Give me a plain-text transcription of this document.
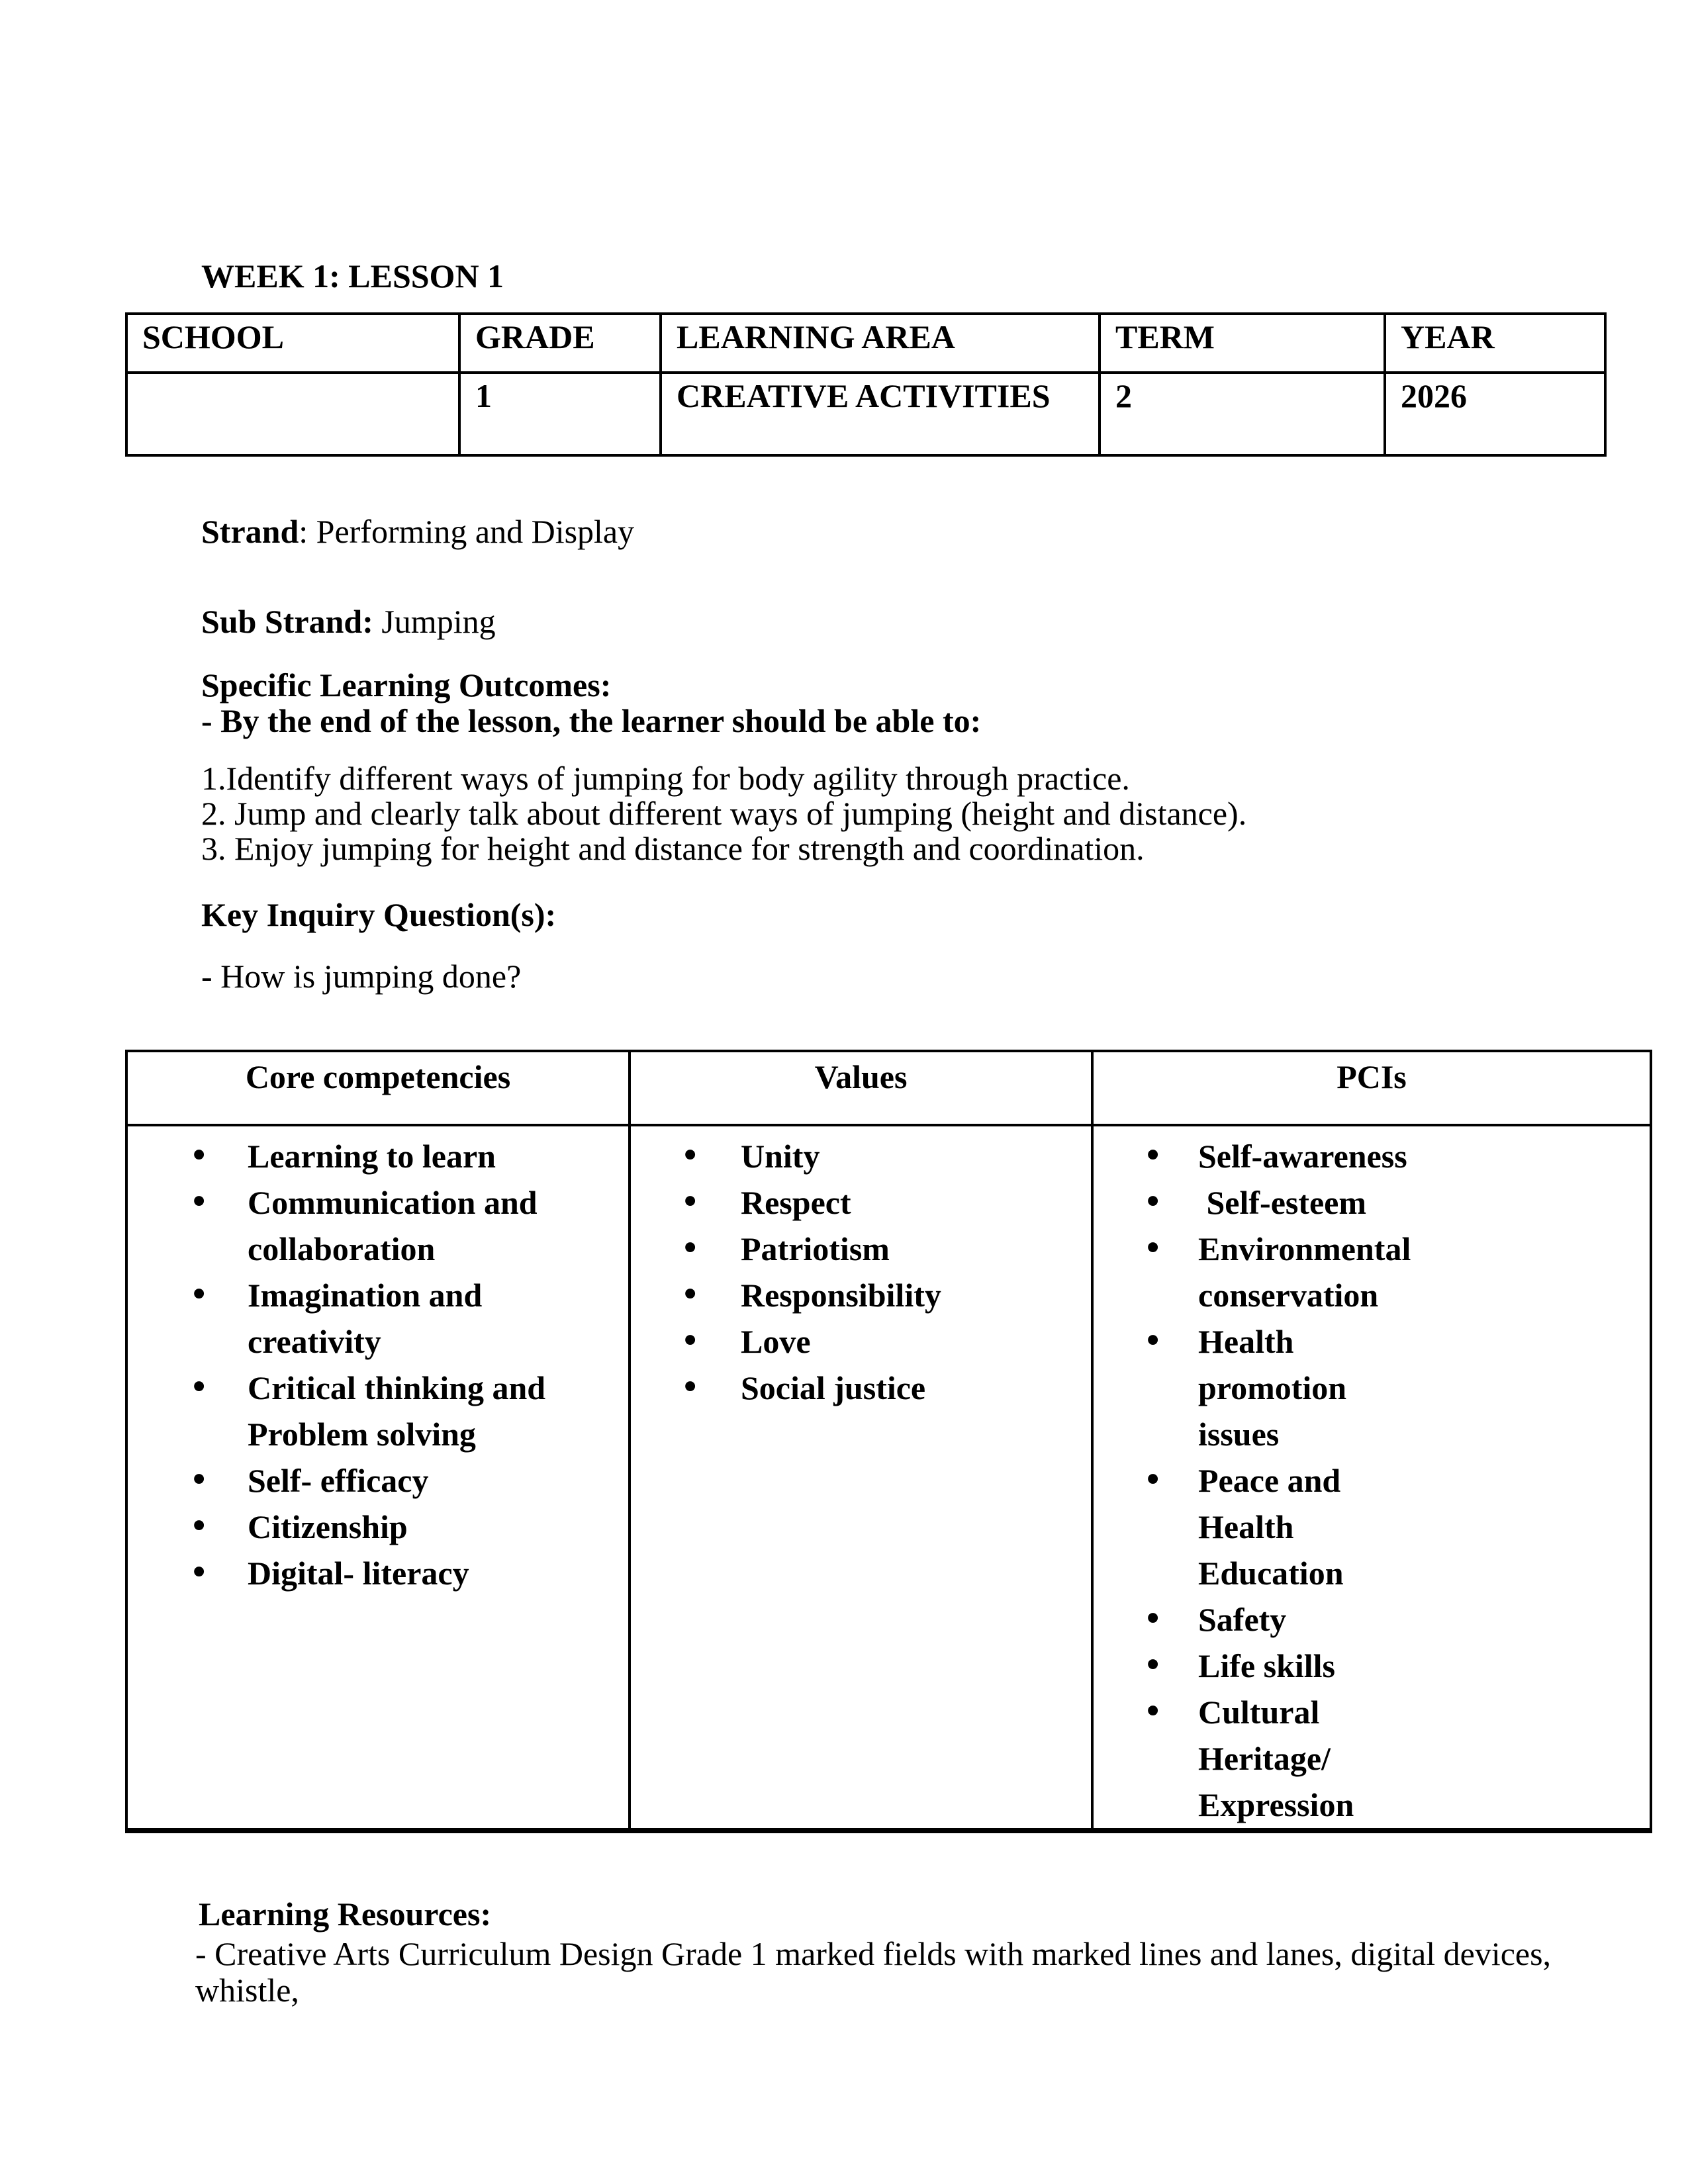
WEEK 1: LESSON 1
SCHOOL	GRADE	LEARNING AREA	TERM	YEAR
	1	CREATIVE ACTIVITIES	2	2026
Strand: Performing and Display
Sub Strand: Jumping
Specific Learning Outcomes:
- By the end of the lesson, the learner should be able to:
1.Identify different ways of jumping for body agility through practice.
2. Jump and clearly talk about different ways of jumping (height and distance).
3. Enjoy jumping for height and distance for strength and coordination.
Key Inquiry Question(s):
- How is jumping done?
Core competencies	Values	PCIs

• Learning to learn
• Communication and collaboration
• Imagination and creativity
• Critical thinking and Problem solving
• Self- efficacy
• Citizenship
• Digital- literacy

• Unity
• Respect
• Patriotism
• Responsibility
• Love
• Social justice

• Self-awareness
•  Self-esteem
• Environmental conservation
• Health promotion issues
• Peace and Health Education
• Safety
• Life skills
• Cultural Heritage/ Expression
Learning Resources:
- Creative Arts Curriculum Design Grade 1 marked fields with marked lines and lanes, digital devices, whistle,
